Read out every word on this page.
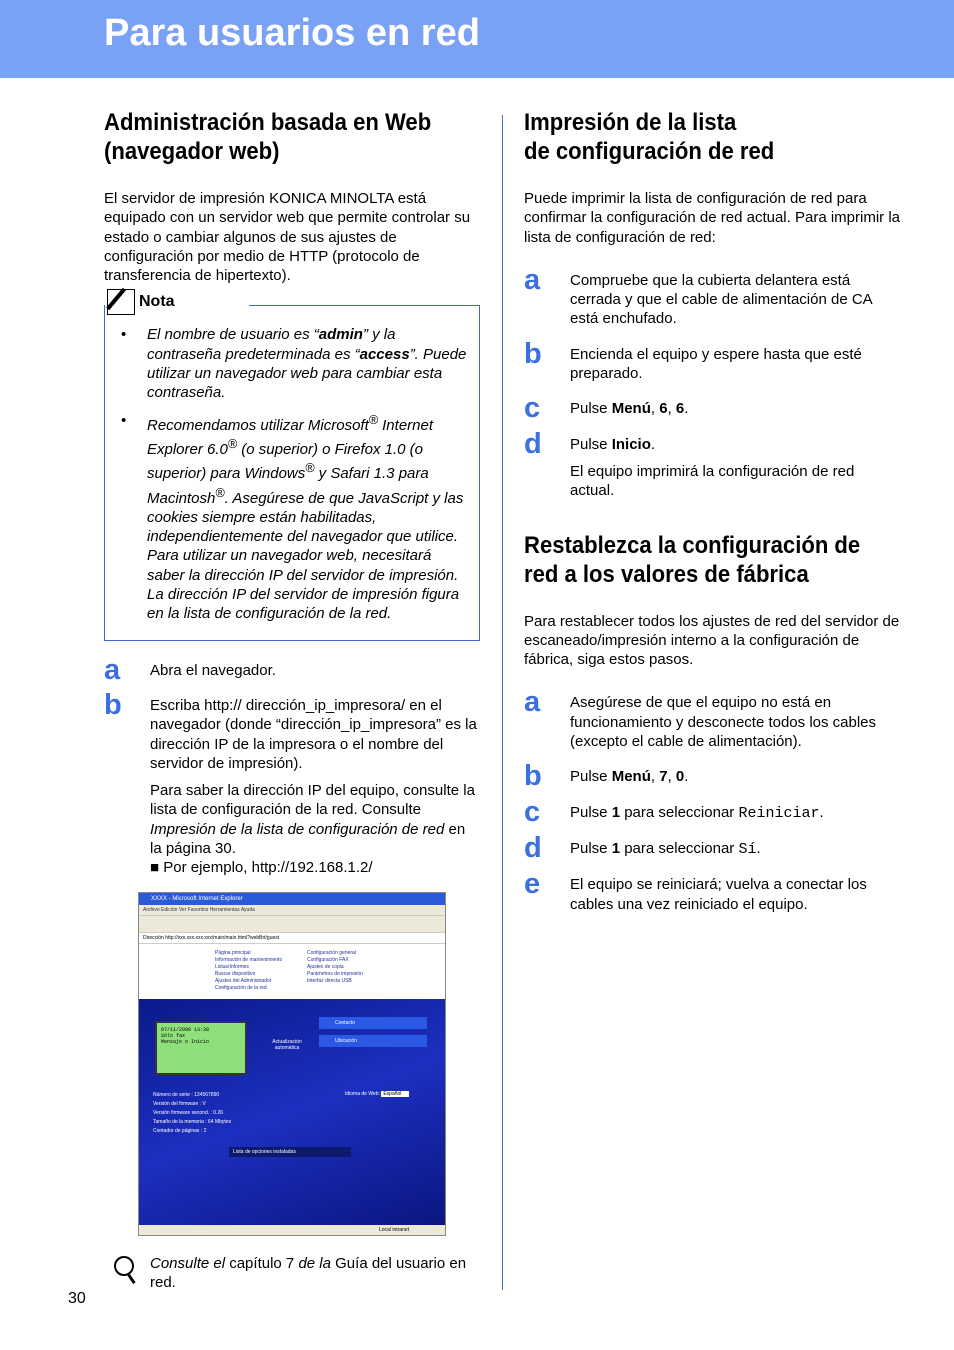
Para usuarios en red
Administración basada en Web
(navegador web)

El servidor de impresión KONICA MINOLTA está equipado con un servidor web que permite controlar su estado o cambiar algunos de sus ajustes de configuración por medio de HTTP (protocolo de transferencia de hipertexto).

Nota
• El nombre de usuario es “admin” y la contraseña predeterminada es “access”. Puede utilizar un navegador web para cambiar esta contraseña.
• Recomendamos utilizar Microsoft® Internet Explorer 6.0® (o superior) o Firefox 1.0 (o superior) para Windows® y Safari 1.3 para Macintosh®. Asegúrese de que JavaScript y las cookies siempre están habilitadas, independientemente del navegador que utilice. Para utilizar un navegador web, necesitará saber la dirección IP del servidor de impresión. La dirección IP del servidor de impresión figura en la lista de configuración de la red.
a Abra el navegador.

b Escriba http:// dirección_ip_impresora/ en el navegador (donde “dirección_ip_impresora” es la dirección IP de la impresora o el nombre del servidor de impresión).

Para saber la dirección IP del equipo, consulte la lista de configuración de la red. Consulte Impresión de la lista de configuración de red en la página 30.
■ Por ejemplo, http://192.168.1.2/

XXXX - Microsoft Internet Explorer
Archivo Edición Ver Favoritos Herramientas Ayuda
Dirección http://xxx.xxx.xxx.xxx/main/main.html?webBrt/guest
Página principal
Información de mantenimiento
Listas/Informes
Buscar dispositivo
Ajustes del Administrador
Configuración de la red
Configuración general
Configuración FAX
Ajustes de copia
Parámetros de impresión
Interfaz directa USB
07/11/2008 13:38
Sólo fax
Mensaje o Inicio	Actualización automática
Contacto
Ubicación
Número de serie : 134567890
Versión del firmware : V
Versión firmware second. : 0.26
Tamaño de la memoria : 64 Mbytes
Contador de páginas : 2
Idioma de Web: Español
Lista de opciones instaladas
Local intranet

Consulte el capítulo 7 de la Guía del usuario en red.

Impresión de la lista
de configuración de red

Puede imprimir la lista de configuración de red para confirmar la configuración de red actual. Para imprimir la lista de configuración de red:

a Compruebe que la cubierta delantera está cerrada y que el cable de alimentación de CA está enchufado.

b Encienda el equipo y espere hasta que esté preparado.

c Pulse Menú, 6, 6.

d Pulse Inicio.

El equipo imprimirá la configuración de red actual.

Restablezca la configuración de
red a los valores de fábrica

Para restablecer todos los ajustes de red del servidor de escaneado/impresión interno a la configuración de fábrica, siga estos pasos.

a Asegúrese de que el equipo no está en funcionamiento y desconecte todos los cables (excepto el cable de alimentación).

b Pulse Menú, 7, 0.

c Pulse 1 para seleccionar Reiniciar.

d Pulse 1 para seleccionar Sí.

e El equipo se reiniciará; vuelva a conectar los cables una vez reiniciado el equipo.

30
